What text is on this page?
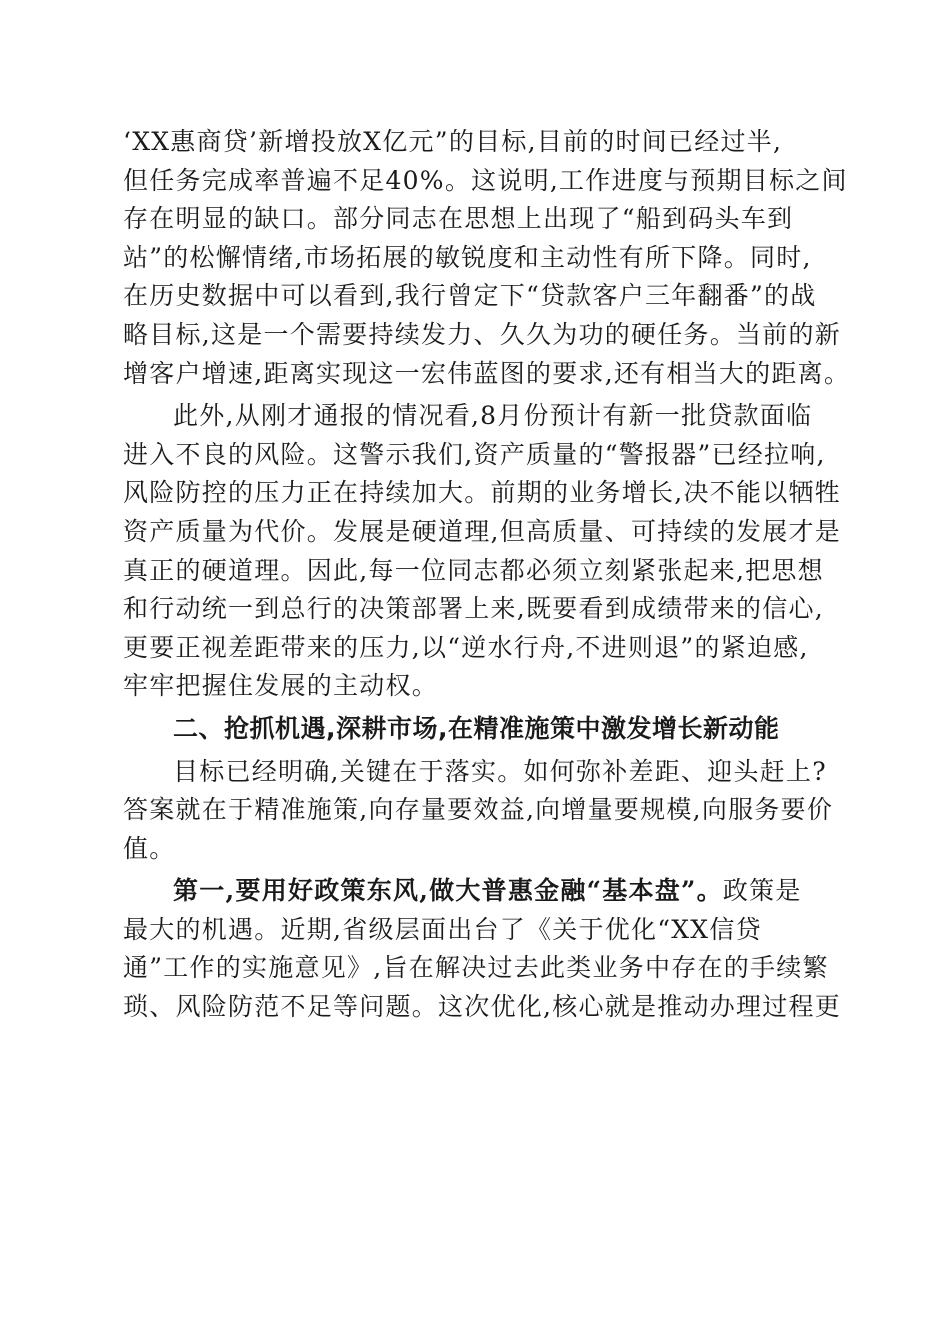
‘XX惠商贷’新增投放X亿元”的目标,目前的时间已经过半,
但任务完成率普遍不足40%。这说明,工作进度与预期目标之间
存在明显的缺口。部分同志在思想上出现了“船到码头车到
站”的松懈情绪,市场拓展的敏锐度和主动性有所下降。同时,
在历史数据中可以看到,我行曾定下“贷款客户三年翻番”的战
略目标,这是一个需要持续发力、久久为功的硬任务。当前的新
增客户增速,距离实现这一宏伟蓝图的要求,还有相当大的距离。
此外,从刚才通报的情况看,8月份预计有新一批贷款面临
进入不良的风险。这警示我们,资产质量的“警报器”已经拉响,
风险防控的压力正在持续加大。前期的业务增长,决不能以牺牲
资产质量为代价。发展是硬道理,但高质量、可持续的发展才是
真正的硬道理。因此,每一位同志都必须立刻紧张起来,把思想
和行动统一到总行的决策部署上来,既要看到成绩带来的信心,
更要正视差距带来的压力,以“逆水行舟,不进则退”的紧迫感,
牢牢把握住发展的主动权。
二、抢抓机遇,深耕市场,在精准施策中激发增长新动能
目标已经明确,关键在于落实。如何弥补差距、迎头赶上?
答案就在于精准施策,向存量要效益,向增量要规模,向服务要价
值。
第一,要用好政策东风,做大普惠金融“基本盘”。政策是
最大的机遇。近期,省级层面出台了《关于优化“XX信贷
通”工作的实施意见》,旨在解决过去此类业务中存在的手续繁
琐、风险防范不足等问题。这次优化,核心就是推动办理过程更
